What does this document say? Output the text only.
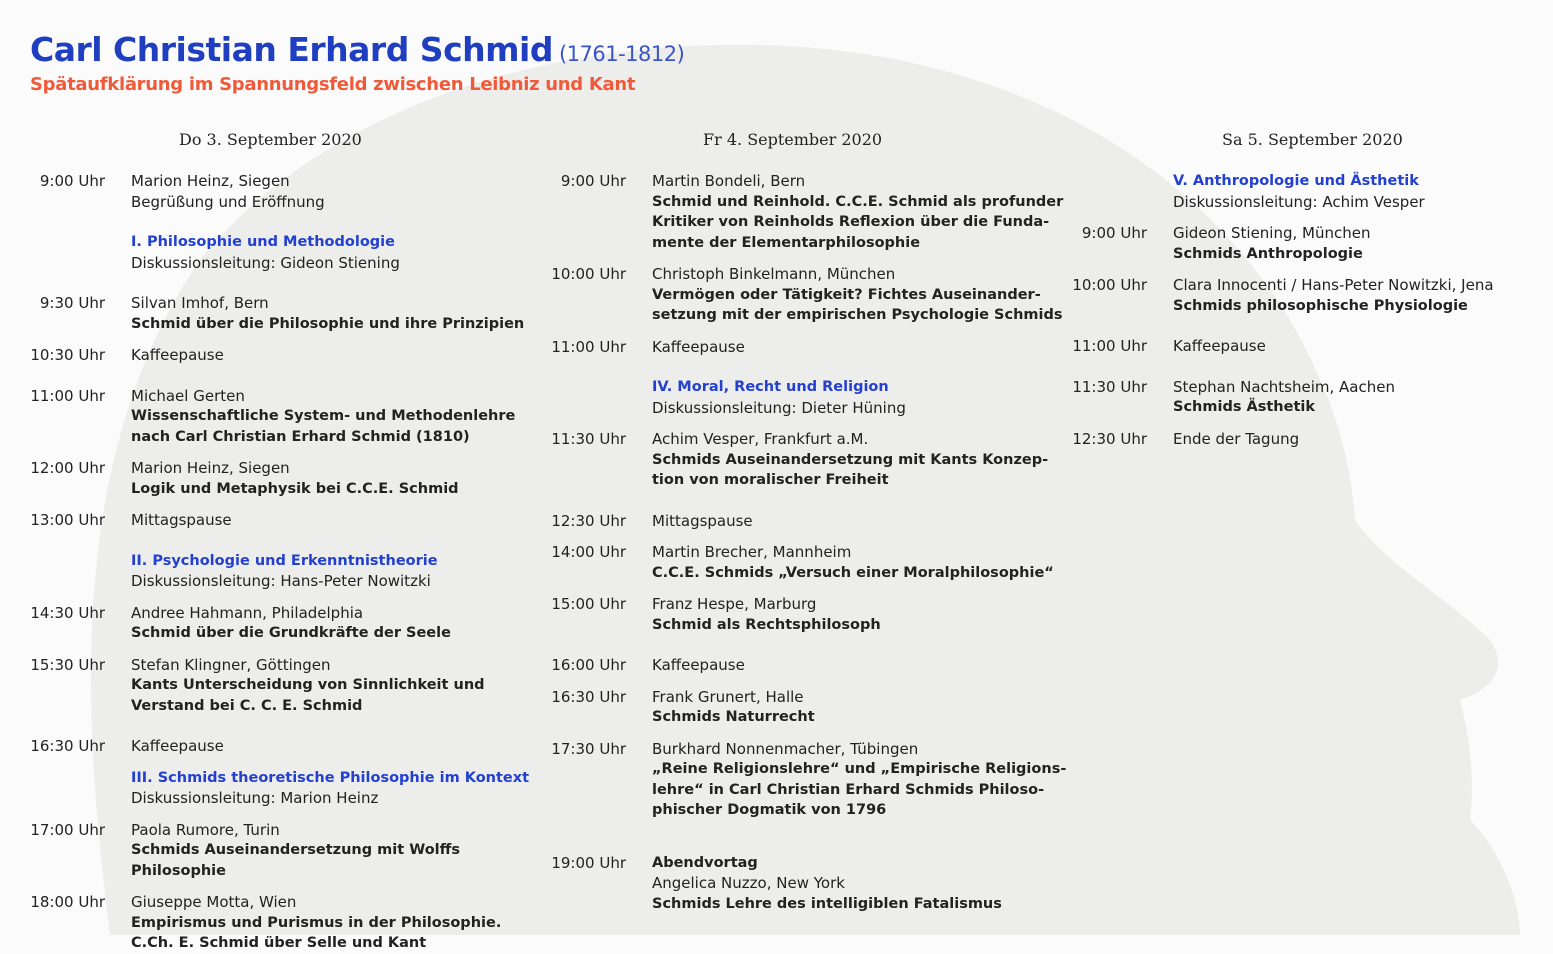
Carl Christian Erhard Schmid (1761-1812)
Spätaufklärung im Spannungsfeld zwischen Leibniz und Kant
Do 3. September 2020	Fr 4. September 2020	Sa 5. September 2020
9:00 Uhr	Marion Heinz, Siegen
Begrüßung und Eröffnung
I. Philosophie und Methodologie
Diskussionsleitung: Gideon Stiening
9:30 Uhr	Silvan Imhof, Bern
Schmid über die Philosophie und ihre Prinzipien
10:30 Uhr	Kaffeepause
11:00 Uhr	Michael Gerten
Wissenschaftliche System- und Methodenlehre
nach Carl Christian Erhard Schmid (1810)
12:00 Uhr	Marion Heinz, Siegen
Logik und Metaphysik bei C.C.E. Schmid
13:00 Uhr	Mittagspause
II. Psychologie und Erkenntnistheorie
Diskussionsleitung: Hans-Peter Nowitzki
14:30 Uhr	Andree Hahmann, Philadelphia
Schmid über die Grundkräfte der Seele
15:30 Uhr	Stefan Klingner, Göttingen
Kants Unterscheidung von Sinnlichkeit und
Verstand bei C. C. E. Schmid
16:30 Uhr	Kaffeepause
III. Schmids theoretische Philosophie im Kontext
Diskussionsleitung: Marion Heinz
17:00 Uhr	Paola Rumore, Turin
Schmids Auseinandersetzung mit Wolffs
Philosophie
18:00 Uhr	Giuseppe Motta, Wien
Empirismus und Purismus in der Philosophie.
C.Ch. E. Schmid über Selle und Kant
9:00 Uhr	Martin Bondeli, Bern
Schmid und Reinhold. C.C.E. Schmid als profunder
Kritiker von Reinholds Reflexion über die Funda-
mente der Elementarphilosophie
10:00 Uhr	Christoph Binkelmann, München
Vermögen oder Tätigkeit? Fichtes Auseinander-
setzung mit der empirischen Psychologie Schmids
11:00 Uhr	Kaffeepause
IV. Moral, Recht und Religion
Diskussionsleitung: Dieter Hüning
11:30 Uhr	Achim Vesper, Frankfurt a.M.
Schmids Auseinandersetzung mit Kants Konzep-
tion von moralischer Freiheit
12:30 Uhr	Mittagspause
14:00 Uhr	Martin Brecher, Mannheim
C.C.E. Schmids „Versuch einer Moralphilosophie“
15:00 Uhr	Franz Hespe, Marburg
Schmid als Rechtsphilosoph
16:00 Uhr	Kaffeepause
16:30 Uhr	Frank Grunert, Halle
Schmids Naturrecht
17:30 Uhr	Burkhard Nonnenmacher, Tübingen
„Reine Religionslehre“ und „Empirische Religions-
lehre“ in Carl Christian Erhard Schmids Philoso-
phischer Dogmatik von 1796
19:00 Uhr	Abendvortag
Angelica Nuzzo, New York
Schmids Lehre des intelligiblen Fatalismus
V. Anthropologie und Ästhetik
Diskussionsleitung: Achim Vesper
9:00 Uhr	Gideon Stiening, München
Schmids Anthropologie
10:00 Uhr	Clara Innocenti / Hans-Peter Nowitzki, Jena
Schmids philosophische Physiologie
11:00 Uhr	Kaffeepause
11:30 Uhr	Stephan Nachtsheim, Aachen
Schmids Ästhetik
12:30 Uhr	Ende der Tagung
